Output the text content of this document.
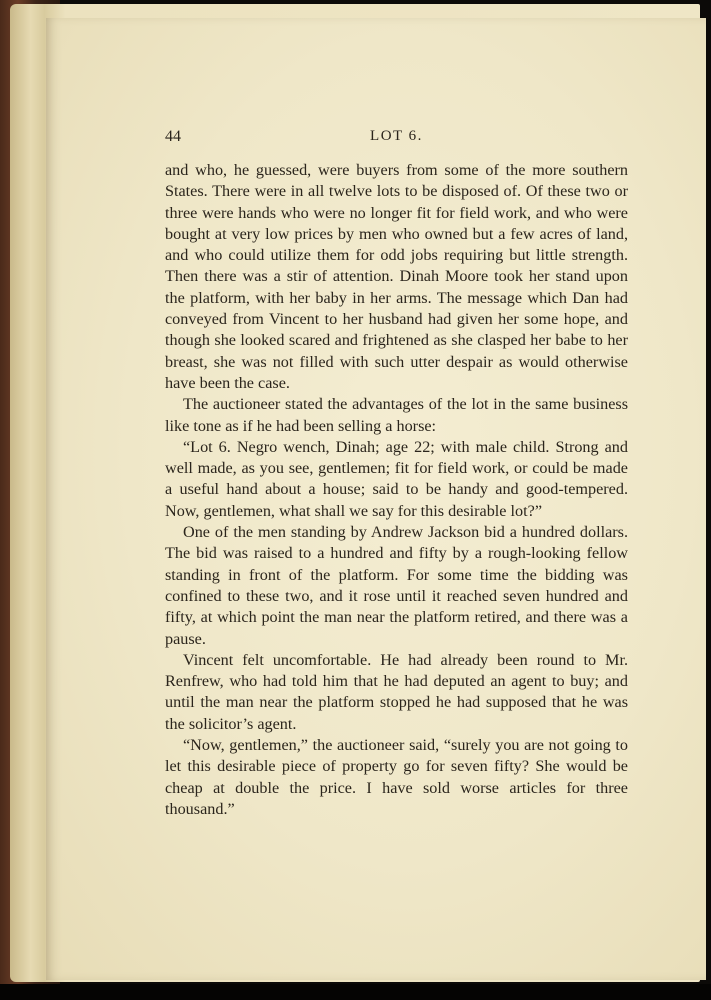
44	LOT 6.

and who, he guessed, were buyers from some of the more southern States. There were in all twelve lots to be disposed of. Of these two or three were hands who were no longer fit for field work, and who were bought at very low prices by men who owned but a few acres of land, and who could utilize them for odd jobs requiring but little strength. Then there was a stir of attention. Dinah Moore took her stand upon the platform, with her baby in her arms. The message which Dan had conveyed from Vincent to her husband had given her some hope, and though she looked scared and frightened as she clasped her babe to her breast, she was not filled with such utter despair as would otherwise have been the case.

The auctioneer stated the advantages of the lot in the same business like tone as if he had been selling a horse:

“Lot 6. Negro wench, Dinah; age 22; with male child. Strong and well made, as you see, gentlemen; fit for field work, or could be made a useful hand about a house; said to be handy and good-tempered. Now, gentlemen, what shall we say for this desirable lot?”

One of the men standing by Andrew Jackson bid a hundred dollars. The bid was raised to a hundred and fifty by a rough-looking fellow standing in front of the platform. For some time the bidding was confined to these two, and it rose until it reached seven hundred and fifty, at which point the man near the platform retired, and there was a pause.

Vincent felt uncomfortable. He had already been round to Mr. Renfrew, who had told him that he had deputed an agent to buy; and until the man near the platform stopped he had supposed that he was the solicitor’s agent.

“Now, gentlemen,” the auctioneer said, “surely you are not going to let this desirable piece of property go for seven fifty? She would be cheap at double the price. I have sold worse articles for three thousand.”
